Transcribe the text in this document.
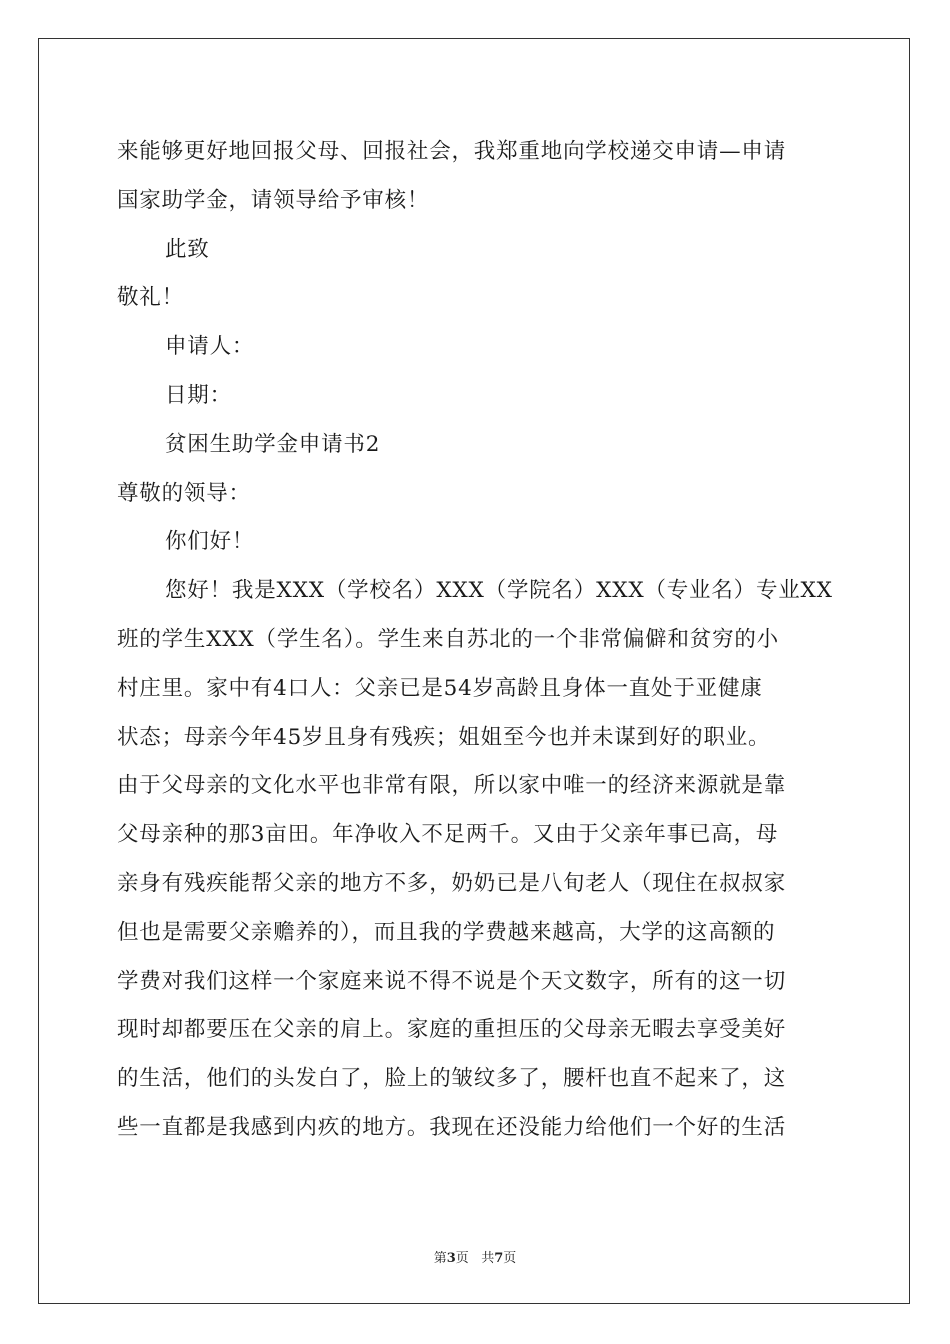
来能够更好地回报父母、回报社会，我郑重地向学校递交申请—申请
国家助学金，请领导给予审核！
此致
敬礼！
申请人：
日期：
贫困生助学金申请书2
尊敬的领导：
你们好！
您好！我是XXX（学校名）XXX（学院名）XXX（专业名）专业XX
班的学生XXX（学生名）。学生来自苏北的一个非常偏僻和贫穷的小
村庄里。家中有4口人：父亲已是54岁高龄且身体一直处于亚健康
状态；母亲今年45岁且身有残疾；姐姐至今也并未谋到好的职业。
由于父母亲的文化水平也非常有限，所以家中唯一的经济来源就是靠
父母亲种的那3亩田。年净收入不足两千。又由于父亲年事已高，母
亲身有残疾能帮父亲的地方不多，奶奶已是八旬老人（现住在叔叔家
但也是需要父亲赡养的），而且我的学费越来越高，大学的这高额的
学费对我们这样一个家庭来说不得不说是个天文数字，所有的这一切
现时却都要压在父亲的肩上。家庭的重担压的父母亲无暇去享受美好
的生活，他们的头发白了，脸上的皱纹多了，腰杆也直不起来了，这
些一直都是我感到内疚的地方。我现在还没能力给他们一个好的生活
第3页 共7页
